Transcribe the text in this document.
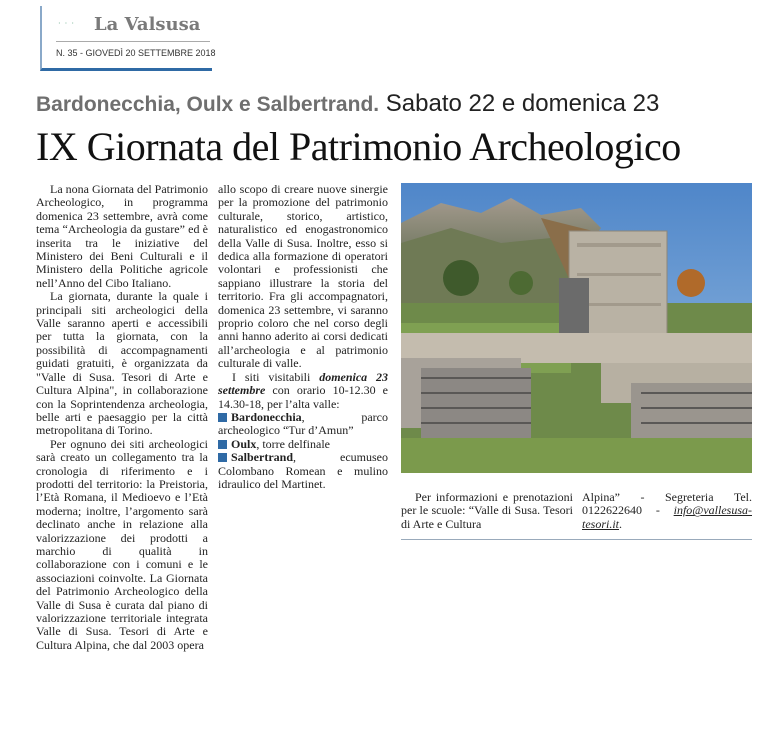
· · · La Valsusa
N. 35 - GIOVEDÌ 20 SETTEMBRE 2018
Bardonecchia, Oulx e Salbertrand. Sabato 22 e domenica 23
IX Giornata del Patrimonio Archeologico

La nona Giornata del Patrimonio Archeologico, in programma domenica 23 settembre, avrà come tema “Archeologia da gustare” ed è inserita tra le iniziative del Ministero dei Beni Culturali e il Ministero della Politiche agricole nell’Anno del Cibo Italiano.

La giornata, durante la quale i principali siti archeologici della Valle saranno aperti e accessibili per tutta la giornata, con la possibilità di accompagnamenti guidati gratuiti, è organizzata da "Valle di Susa. Tesori di Arte e Cultura Alpina", in collaborazione con la Soprintendenza archeologia, belle arti e paesaggio per la città metropolitana di Torino.

Per ognuno dei siti archeologici sarà creato un collegamento tra la cronologia di riferimento e i prodotti del territorio: la Preistoria, l’Età Romana, il Medioevo e l’Età moderna; inoltre, l’argomento sarà declinato anche in relazione alla valorizzazione dei prodotti a marchio di qualità in collaborazione con i comuni e le associazioni coinvolte. La Giornata del Patrimonio Archeologico della Valle di Susa è curata dal piano di valorizzazione territoriale integrata Valle di Susa. Tesori di Arte e Cultura Alpina, che dal 2003 opera

allo scopo di creare nuove sinergie per la promozione del patrimonio culturale, storico, artistico, naturalistico ed enogastronomico della Valle di Susa. Inoltre, esso si dedica alla formazione di operatori volontari e professionisti che sappiano illustrare la storia del territorio. Fra gli accompagnatori, domenica 23 settembre, vi saranno proprio coloro che nel corso degli anni hanno aderito ai corsi dedicati all’archeologia e al patrimonio culturale di valle.

I siti visitabili domenica 23 settembre con orario 10-12.30 e 14.30-18, per l’alta valle:

Bardonecchia, parco archeologico “Tur d’Amun”
Oulx, torre delfinale
Salbertrand, ecumuseo Colombano Romean e mulino idraulico del Martinet.

Per informazioni e prenotazioni per le scuole: “Valle di Susa. Tesori di Arte e Cultura

Alpina” - Segreteria Tel. 0122622640 - info@vallesusa-tesori.it.
